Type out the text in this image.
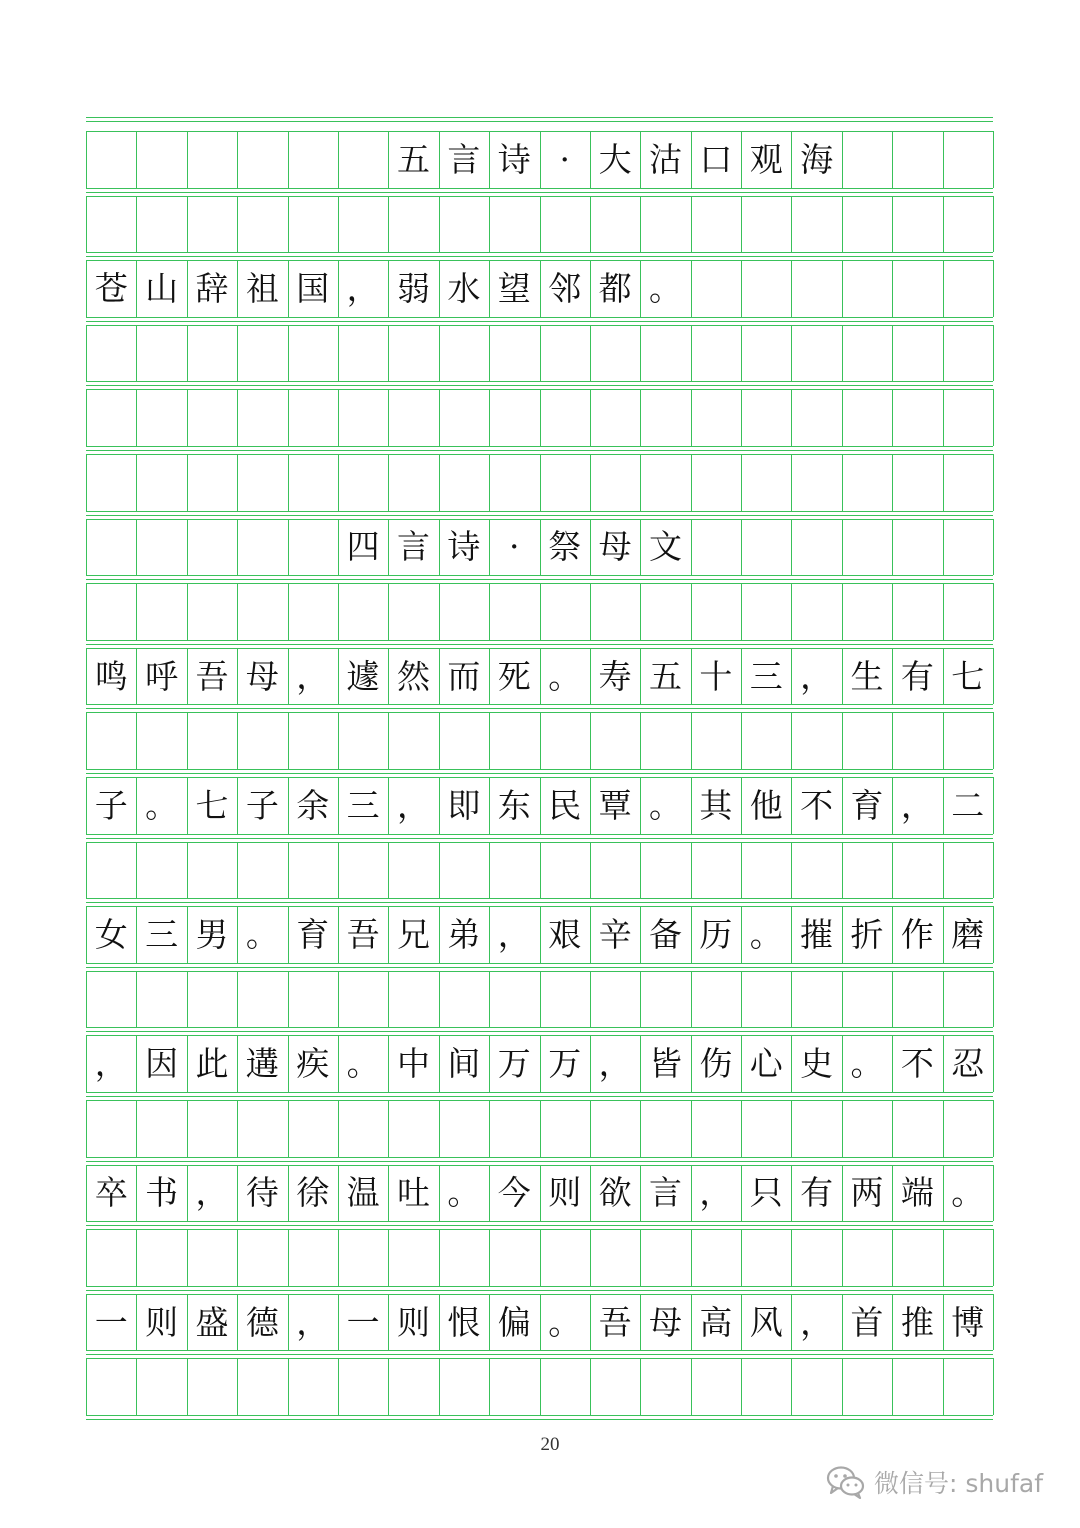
五 言 诗 · 大 沽 口 观 海
苍 山 辞 祖 国 ， 弱 水 望 邻 都 。
四 言 诗 · 祭 母 文
鸣 呼 吾 母 ， 遽 然 而 死 。 寿 五 十 三 ， 生 有 七
子 。 七 子 余 三 ， 即 东 民 覃 。 其 他 不 育 ， 二
女 三 男 。 育 吾 兄 弟 ， 艰 辛 备 历 。 摧 折 作 磨
， 因 此 遘 疾 。 中 间 万 万 ， 皆 伤 心 史 。 不 忍
卒 书 ， 待 徐 温 吐 。 今 则 欲 言 ， 只 有 两 端 。
一 则 盛 德 ， 一 则 恨 偏 。 吾 母 高 风 ， 首 推 博
20
微信号: shufaf
